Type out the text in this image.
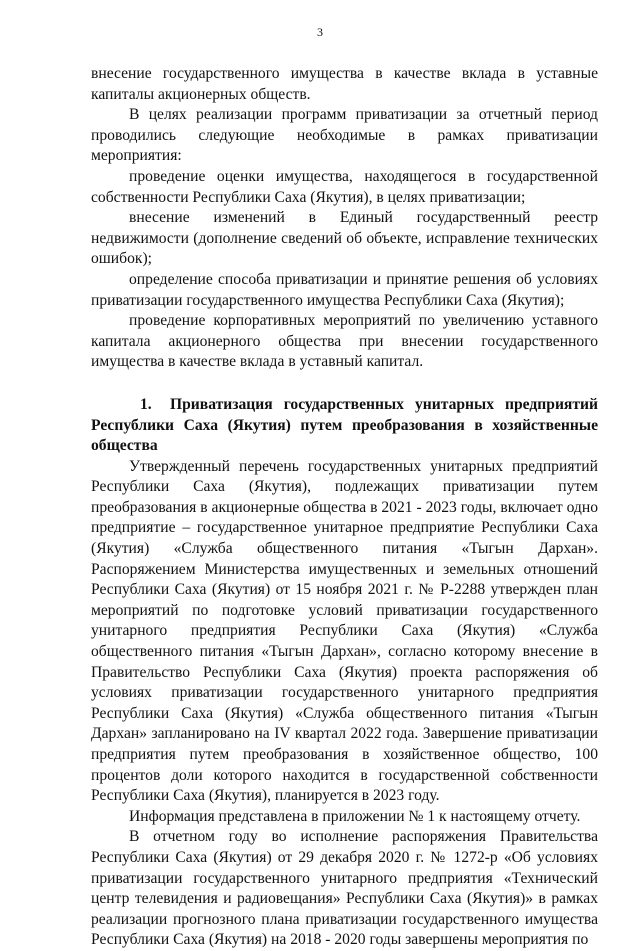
3

внесение государственного имущества в качестве вклада в уставные капиталы акционерных обществ.

В целях реализации программ приватизации за отчетный период проводились следующие необходимые в рамках приватизации мероприятия:

проведение оценки имущества, находящегося в государственной собственности Республики Саха (Якутия), в целях приватизации;

внесение изменений в Единый государственный реестр недвижимости (дополнение сведений об объекте, исправление технических ошибок);

определение способа приватизации и принятие решения об условиях приватизации государственного имущества Республики Саха (Якутия);

проведение корпоративных мероприятий по увеличению уставного капитала акционерного общества при внесении государственного имущества в качестве вклада в уставный капитал.

1. Приватизация государственных унитарных предприятий Республики Саха (Якутия) путем преобразования в хозяйственные общества

Утвержденный перечень государственных унитарных предприятий Республики Саха (Якутия), подлежащих приватизации путем преобразования в акционерные общества в 2021 - 2023 годы, включает одно предприятие – государственное унитарное предприятие Республики Саха (Якутия) «Служба общественного питания «Тыгын Дархан». Распоряжением Министерства имущественных и земельных отношений Республики Саха (Якутия) от 15 ноября 2021 г. № Р-2288 утвержден план мероприятий по подготовке условий приватизации государственного унитарного предприятия Республики Саха (Якутия) «Служба общественного питания «Тыгын Дархан», согласно которому внесение в Правительство Республики Саха (Якутия) проекта распоряжения об условиях приватизации государственного унитарного предприятия Республики Саха (Якутия) «Служба общественного питания «Тыгын Дархан» запланировано на IV квартал 2022 года. Завершение приватизации предприятия путем преобразования в хозяйственное общество, 100 процентов доли которого находится в государственной собственности Республики Саха (Якутия), планируется в 2023 году.

Информация представлена в приложении № 1 к настоящему отчету.

В отчетном году во исполнение распоряжения Правительства Республики Саха (Якутия) от 29 декабря 2020 г. № 1272-р «Об условиях приватизации государственного унитарного предприятия «Технический центр телевидения и радиовещания» Республики Саха (Якутия)» в рамках реализации прогнозного плана приватизации государственного имущества Республики Саха (Якутия) на 2018 - 2020 годы завершены мероприятия по
